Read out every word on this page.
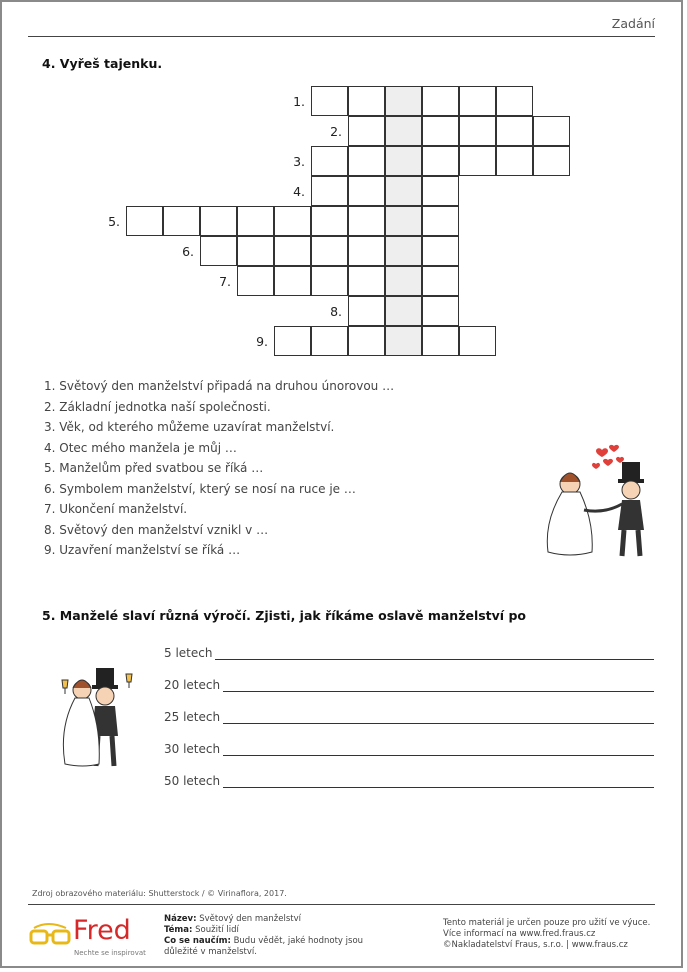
Zadání
4. Vyřeš tajenku.
1.
2.
3.
4.
5.
6.
7.
8.
9.
1. Světový den manželství připadá na druhou únorovou …
2. Základní jednotka naší společnosti.
3. Věk, od kterého můžeme uzavírat manželství.
4. Otec mého manžela je můj …
5. Manželům před svatbou se říká …
6. Symbolem manželství, který se nosí na ruce je …
7. Ukončení manželství.
8. Světový den manželství vznikl v …
9. Uzavření manželství se říká …
5. Manželé slaví různá výročí. Zjisti, jak říkáme oslavě manželství po
5 letech
20 letech
25 letech
30 letech
50 letech
Zdroj obrazového materiálu: Shutterstock / © Virinaflora, 2017.
Fred
Nechte se inspirovat
Název: Světový den manželství
Téma: Soužití lidí
Co se naučím: Budu vědět, jaké hodnoty jsou důležité v manželství.
Tento materiál je určen pouze pro užití ve výuce.
Více informací na www.fred.fraus.cz
©Nakladatelství Fraus, s.r.o. | www.fraus.cz
